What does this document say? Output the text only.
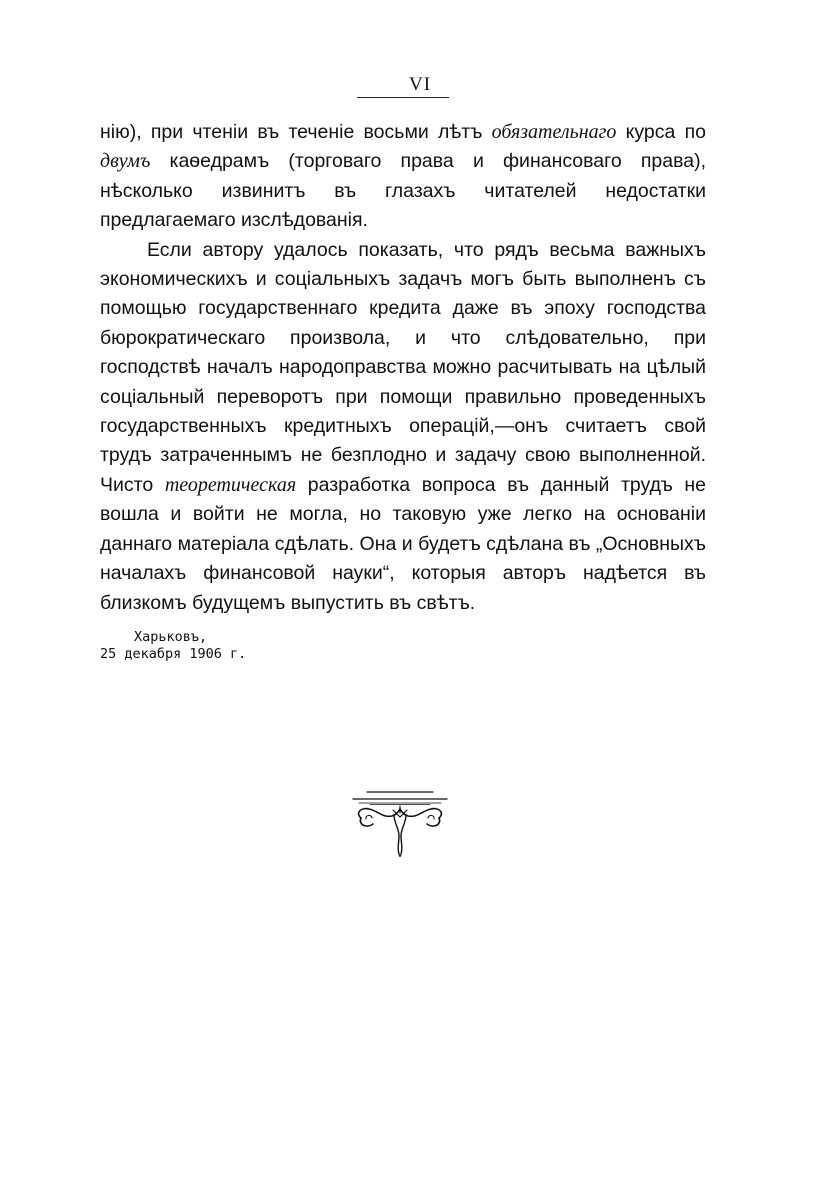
VI

нію), при чтеніи въ теченіе восьми лѣтъ обязательнаго курса по двумъ каѳедрамъ (торговаго права и финансоваго права), нѣсколько извинитъ въ глазахъ читателей недостатки предлагаемаго изслѣдованія.

Если автору удалось показать, что рядъ весьма важныхъ экономическихъ и соціальныхъ задачъ могъ быть выполненъ съ помощью государственнаго кредита даже въ эпоху господства бюрократическаго произвола, и что слѣдовательно, при господствѣ началъ народоправства можно расчитывать на цѣлый соціальный переворотъ при помощи правильно проведенныхъ государственныхъ кредитныхъ операцій,—онъ считаетъ свой трудъ затраченнымъ не безплодно и задачу свою выполненной. Чисто теоретическая разработка вопроса въ данный трудъ не вошла и войти не могла, но таковую уже легко на основаніи даннаго матеріала сдѣлать. Она и будетъ сдѣлана въ „Основныхъ началахъ финансовой науки“, которыя авторъ надѣется въ близкомъ будущемъ выпустить въ свѣтъ.

Харьковъ,
25 декабря 1906 г.
